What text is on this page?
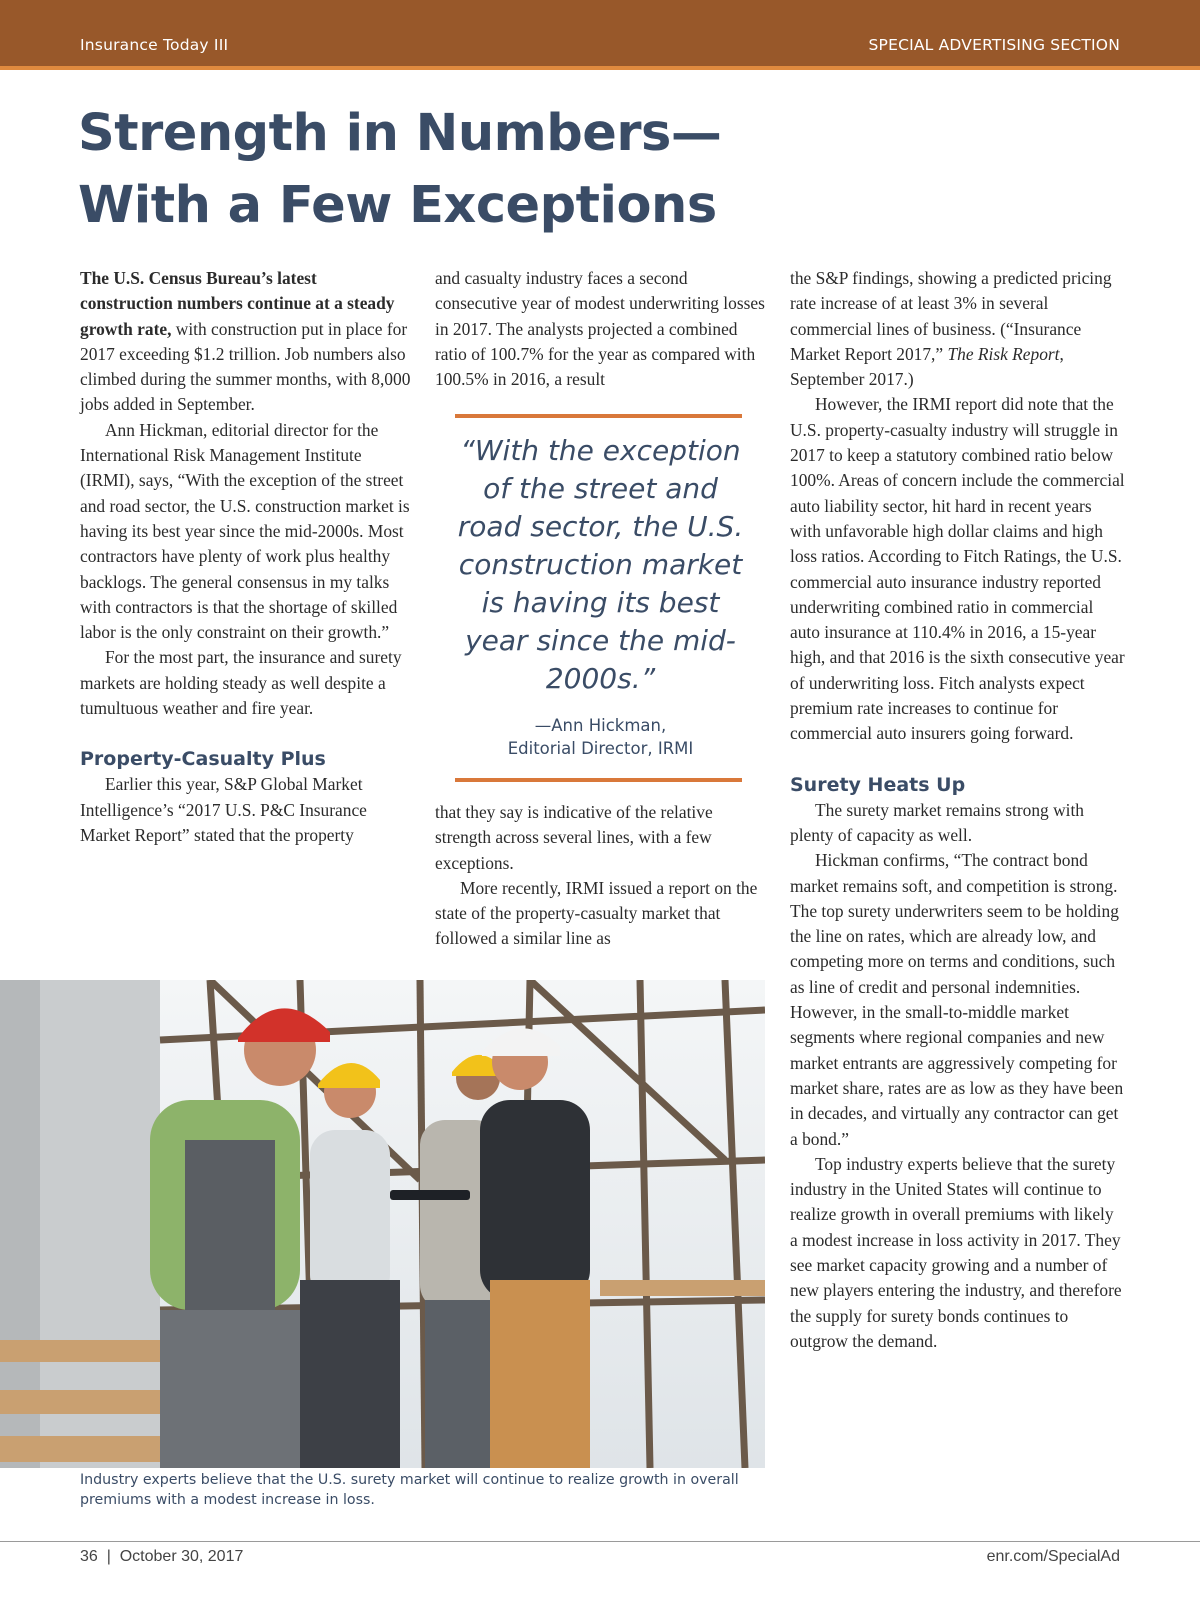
Insurance Today III	SPECIAL ADVERTISING SECTION
Strength in Numbers—
With a Few Exceptions

The U.S. Census Bureau’s latest construction numbers continue at a steady growth rate, with construction put in place for 2017 exceeding $1.2 trillion. Job numbers also climbed during the summer months, with 8,000 jobs added in September.

Ann Hickman, editorial director for the International Risk Management Institute (IRMI), says, “With the exception of the street and road sector, the U.S. construction market is having its best year since the mid-2000s. Most contractors have plenty of work plus healthy backlogs. The general consensus in my talks with contractors is that the shortage of skilled labor is the only constraint on their growth.”

For the most part, the insurance and surety markets are holding steady as well despite a tumultuous weather and fire year.

Property-Casualty Plus

Earlier this year, S&P Global Market Intelligence’s “2017 U.S. P&C Insurance Market Report” stated that the property

and casualty industry faces a second consecutive year of modest underwriting losses in 2017. The analysts projected a combined ratio of 100.7% for the year as compared with 100.5% in 2016, a result

“With the exception of the street and road sector, the U.S. construction market is having its best year since the mid-2000s.”
—Ann Hickman,
Editorial Director, IRMI

that they say is indicative of the relative strength across several lines, with a few exceptions.

More recently, IRMI issued a report on the state of the property-casualty market that followed a similar line as

the S&P findings, showing a predicted pricing rate increase of at least 3% in several commercial lines of business. (“Insurance Market Report 2017,” The Risk Report, September 2017.)

However, the IRMI report did note that the U.S. property-casualty industry will struggle in 2017 to keep a statutory combined ratio below 100%. Areas of concern include the commercial auto liability sector, hit hard in recent years with unfavorable high dollar claims and high loss ratios. According to Fitch Ratings, the U.S. commercial auto insurance industry reported underwriting combined ratio in commercial auto insurance at 110.4% in 2016, a 15-year high, and that 2016 is the sixth consecutive year of underwriting loss. Fitch analysts expect premium rate increases to continue for commercial auto insurers going forward.

Surety Heats Up

The surety market remains strong with plenty of capacity as well.

Hickman confirms, “The contract bond market remains soft, and competition is strong. The top surety underwriters seem to be holding the line on rates, which are already low, and competing more on terms and conditions, such as line of credit and personal indemnities. However, in the small-to-middle market segments where regional companies and new market entrants are aggressively competing for market share, rates are as low as they have been in decades, and virtually any contractor can get a bond.”

Top industry experts believe that the surety industry in the United States will continue to realize growth in overall premiums with likely a modest increase in loss activity in 2017. They see market capacity growing and a number of new players entering the industry, and therefore the supply for surety bonds continues to outgrow the demand.

Industry experts believe that the U.S. surety market will continue to realize growth in overall premiums with a modest increase in loss.
36  |  October 30, 2017	enr.com/SpecialAd
